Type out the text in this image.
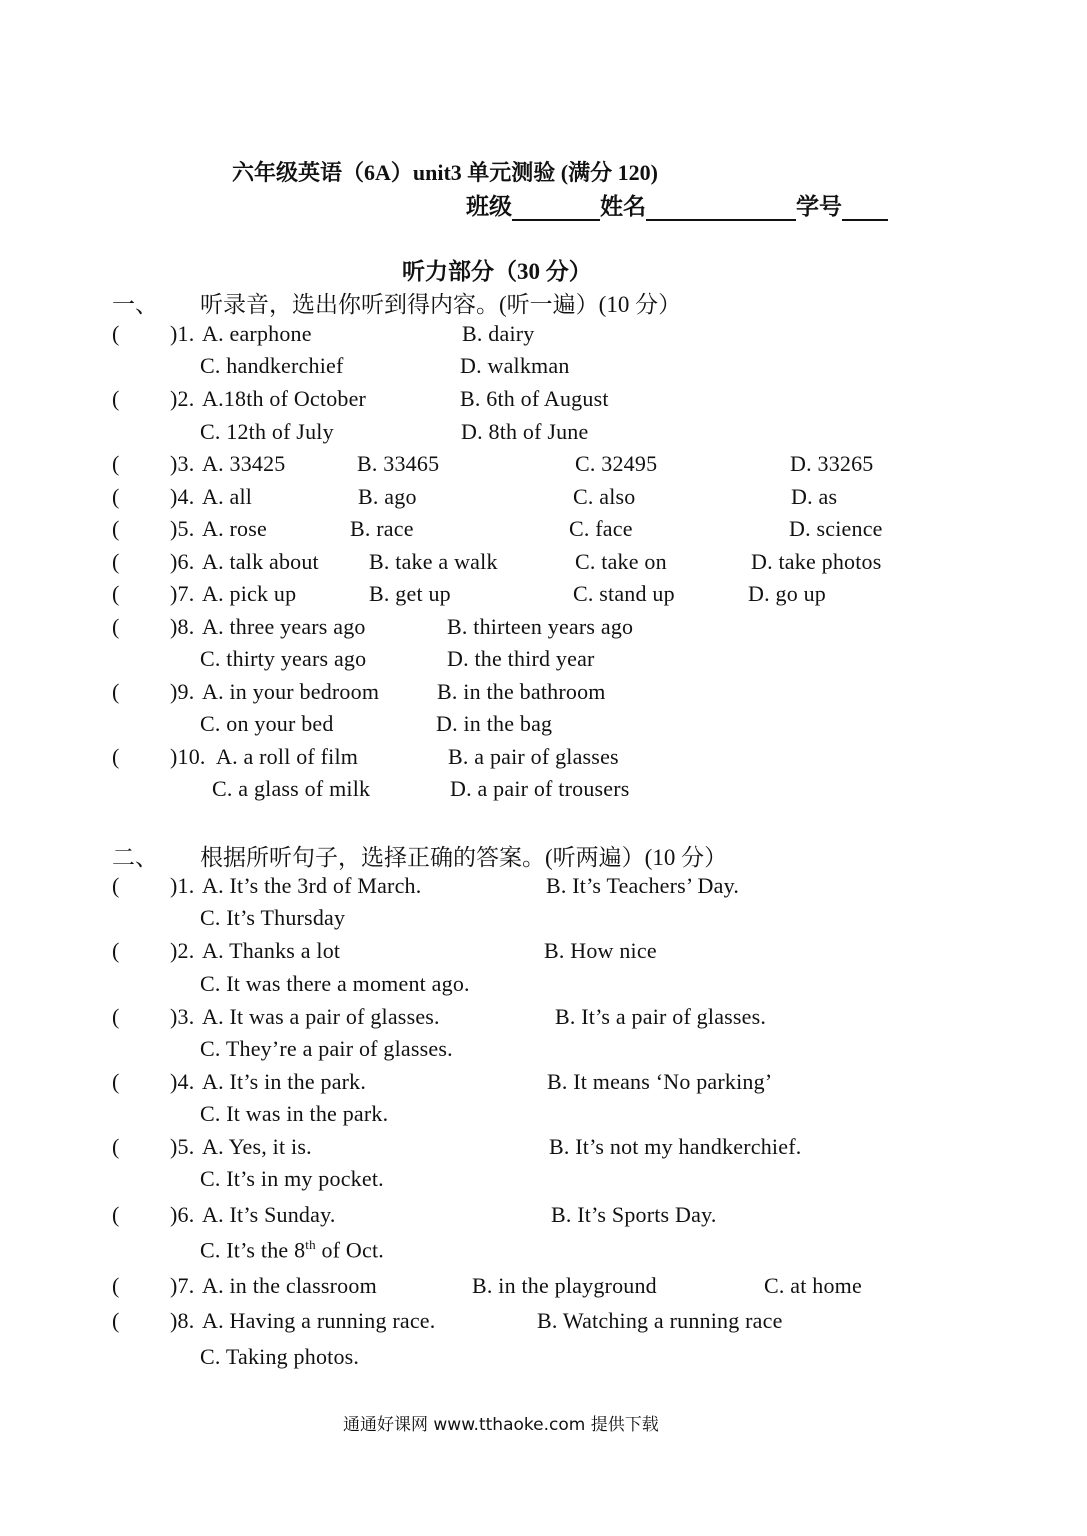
六年级英语（6A）unit3 单元测验 (满分 120)
班级	姓名	学号
听力部分（30 分）
一、 听录音，选出你听到得内容。(听一遍）(10 分）
( )1. A. earphone	B. dairy
C. handkerchief	D. walkman
( )2. A.18th of October	B. 6th of August
C. 12th of July	D. 8th of June
( )3. A. 33425	B. 33465	C. 32495	D. 33265
( )4. A. all	B. ago	C. also	D. as
( )5. A. rose	B. race	C. face	D. science
( )6. A. talk about B. take a walk	C. take on	D. take photos
( )7. A. pick up	B. get up	C. stand up	D. go up
( )8. A. three years ago	B. thirteen years ago
C. thirty years ago	D. the third year
( )9. A. in your bedroom	B. in the bathroom
C. on your bed	D. in the bag
( )10. A. a roll of film	B. a pair of glasses
C. a glass of milk	D. a pair of trousers
二、 根据所听句子，选择正确的答案。(听两遍）(10 分）
( )1. A. It’s the 3rd of March.	B. It’s Teachers’ Day.
C. It’s Thursday
( )2. A. Thanks a lot	B. How nice
C. It was there a moment ago.
( )3. A. It was a pair of glasses.	B. It’s a pair of glasses.
C. They’re a pair of glasses.
( )4. A. It’s in the park.	B. It means ‘No parking’
C. It was in the park.
( )5. A. Yes, it is.	B. It’s not my handkerchief.
C. It’s in my pocket.
( )6. A. It’s Sunday.	B. It’s Sports Day.
C. It’s the 8th of Oct.
( )7. A. in the classroom	B. in the playground	C. at home
( )8. A. Having a running race.	B. Watching a running race
C. Taking photos.
通通好课网 www.tthaoke.com 提供下载
